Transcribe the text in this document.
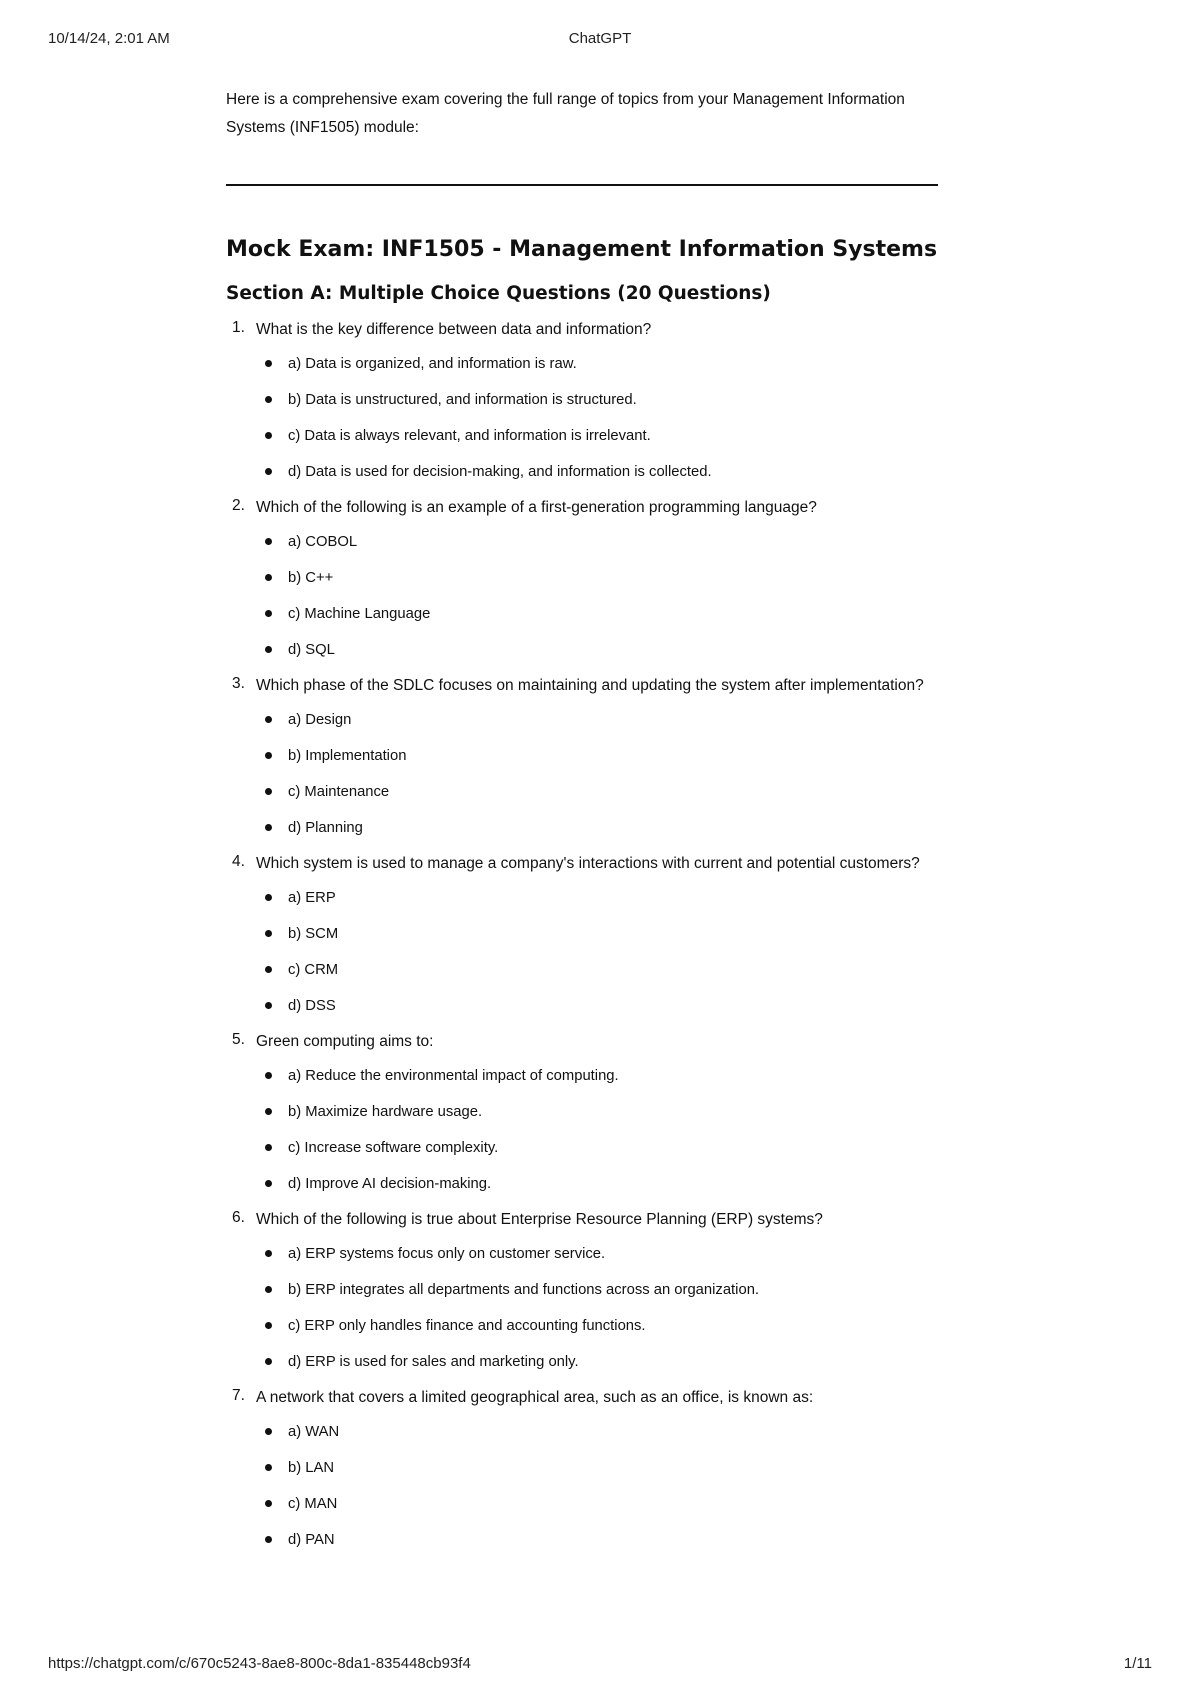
10/14/24, 2:01 AM	ChatGPT

Here is a comprehensive exam covering the full range of topics from your Management Information Systems (INF1505) module:

Mock Exam: INF1505 - Management Information Systems
Section A: Multiple Choice Questions (20 Questions)
1. What is the key difference between data and information?
a) Data is organized, and information is raw.
b) Data is unstructured, and information is structured.
c) Data is always relevant, and information is irrelevant.
d) Data is used for decision-making, and information is collected.
2. Which of the following is an example of a first-generation programming language?
a) COBOL
b) C++
c) Machine Language
d) SQL
3. Which phase of the SDLC focuses on maintaining and updating the system after implementation?
a) Design
b) Implementation
c) Maintenance
d) Planning
4. Which system is used to manage a company's interactions with current and potential customers?
a) ERP
b) SCM
c) CRM
d) DSS
5. Green computing aims to:
a) Reduce the environmental impact of computing.
b) Maximize hardware usage.
c) Increase software complexity.
d) Improve AI decision-making.
6. Which of the following is true about Enterprise Resource Planning (ERP) systems?
a) ERP systems focus only on customer service.
b) ERP integrates all departments and functions across an organization.
c) ERP only handles finance and accounting functions.
d) ERP is used for sales and marketing only.
7. A network that covers a limited geographical area, such as an office, is known as:
a) WAN
b) LAN
c) MAN
d) PAN
https://chatgpt.com/c/670c5243-8ae8-800c-8da1-835448cb93f4	1/11
